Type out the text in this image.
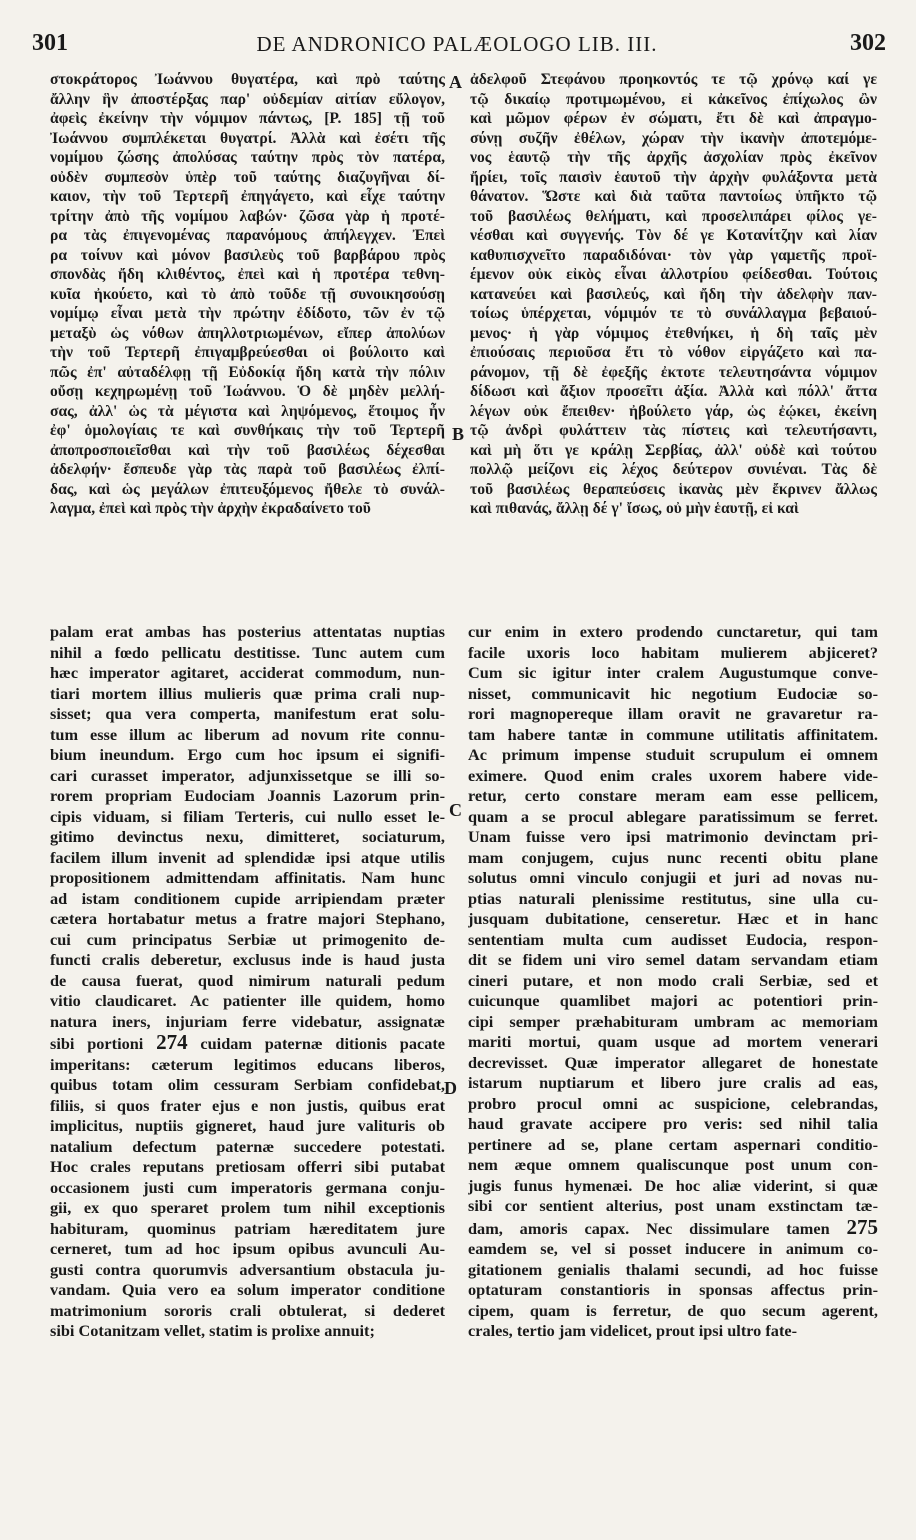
301	DE ANDRONICO PALÆOLOGO LIB. III.	302
στοκράτορος Ἰωάννου θυγατέρα, καὶ πρὸ ταύτης
ἄλλην ἣν ἀποστέρξας παρ' οὐδεμίαν αἰτίαν εὔλογον,
ἀφεὶς ἐκείνην τὴν νόμιμον πάντως, [P. 185] τῇ τοῦ
Ἰωάννου συμπλέκεται θυγατρί. Ἀλλὰ καὶ ἐσέτι τῆς
νομίμου ζώσης ἀπολύσας ταύτην πρὸς τὸν πατέρα,
οὐδὲν συμπεσὸν ὑπὲρ τοῦ ταύτης διαζυγῆναι δί-
καιον, τὴν τοῦ Τερτερῆ ἐπηγάγετο, καὶ εἶχε ταύτην
τρίτην ἀπὸ τῆς νομίμου λαβών· ζῶσα γὰρ ἡ προτέ-
ρα τὰς ἐπιγενομένας παρανόμους ἀπήλεγχεν. Ἐπεὶ
ρα τοίνυν καὶ μόνον βασιλεὺς τοῦ βαρβάρου πρὸς
σπονδὰς ἤδη κλιθέντος, ἐπεὶ καὶ ἡ προτέρα τεθνη-
κυῖα ἠκούετο, καὶ τὸ ἀπὸ τοῦδε τῇ συνοικησούσῃ
νομίμῳ εἶναι μετὰ τὴν πρώτην ἐδίδοτο, τῶν ἐν τῷ
μεταξὺ ὡς νόθων ἀπηλλοτριωμένων, εἴπερ ἀπολύων
τὴν τοῦ Τερτερῆ ἐπιγαμβρεύεσθαι οἱ βούλοιτο καὶ
πῶς ἐπ' αὐταδέλφῃ τῇ Εὐδοκίᾳ ἤδη κατὰ τὴν πόλιν
οὔσῃ κεχηρωμένῃ τοῦ Ἰωάννου. Ὁ δὲ μηδὲν μελλή-
σας, ἀλλ' ὡς τὰ μέγιστα καὶ ληψόμενος, ἕτοιμος ἦν
ἐφ' ὁμολογίαις τε καὶ συνθήκαις τὴν τοῦ Τερτερῆ
ἀποπροσποιεῖσθαι καὶ τὴν τοῦ βασιλέως δέχεσθαι
ἀδελφήν· ἔσπευδε γὰρ τὰς παρὰ τοῦ βασιλέως ἐλπί-
δας, καὶ ὡς μεγάλων ἐπιτευξόμενος ἤθελε τὸ συνάλ-
λαγμα, ἐπεὶ καὶ πρὸς τὴν ἀρχὴν ἐκραδαίνετο τοῦ
ἀδελφοῦ Στεφάνου προηκοντός τε τῷ χρόνῳ καί γε
τῷ δικαίῳ προτιμωμένου, εἰ κἀκεῖνος ἐπίχωλος ὢν
καὶ μῶμον φέρων ἐν σώματι, ἔτι δὲ καὶ ἀπραγμο-
σύνῃ συζῆν ἐθέλων, χώραν τὴν ἱκανὴν ἀποτεμόμε-
νος ἑαυτῷ τὴν τῆς ἀρχῆς ἀσχολίαν πρὸς ἐκεῖνον
ἤρίει, τοῖς παισὶν ἑαυτοῦ τὴν ἀρχὴν φυλάξοντα μετὰ
θάνατον. Ὥστε καὶ διὰ ταῦτα παντοίως ὑπῆκτο τῷ
τοῦ βασιλέως θελήματι, καὶ προσελιπάρει φίλος γε-
νέσθαι καὶ συγγενής. Τὸν δέ γε Κοτανίτζην καὶ λίαν
καθυπισχνεῖτο παραδιδόναι· τὸν γὰρ γαμετῆς προϊ-
έμενον οὐκ εἰκὸς εἶναι ἀλλοτρίου φείδεσθαι. Τούτοις
κατανεύει καὶ βασιλεύς, καὶ ἤδη τὴν ἀδελφὴν παν-
τοίως ὑπέρχεται, νόμιμόν τε τὸ συνάλλαγμα βεβαιού-
μενος· ἡ γὰρ νόμιμος ἐτεθνήκει, ἡ δὴ ταῖς μὲν
ἐπιούσαις περιοῦσα ἔτι τὸ νόθον εἰργάζετο καὶ πα-
ράνομον, τῇ δὲ ἐφεξῆς ἐκτοτε τελευτησάντα νόμιμον
δίδωσι καὶ ἄξιον προσεῖτι ἀξία. Ἀλλὰ καὶ πόλλ' ἄττα
λέγων οὐκ ἔπειθεν· ἠβούλετο γάρ, ὡς ἐῴκει, ἐκείνη
τῷ ἀνδρὶ φυλάττειν τὰς πίστεις καὶ τελευτήσαντι,
καὶ μὴ ὅτι γε κράλῃ Σερβίας, ἀλλ' οὐδὲ καὶ τούτου
πολλῷ μείζονι εἰς λέχος δεύτερον συνιέναι. Τὰς δὲ
τοῦ βασιλέως θεραπεύσεις ἱκανὰς μὲν ἔκρινεν ἄλλως
καὶ πιθανάς, ἄλλῃ δέ γ' ἴσως, οὐ μὴν ἑαυτῇ, εἰ καὶ
A
B
palam erat ambas has posterius attentatas nuptias
nihil a fœdo pellicatu destitisse. Tunc autem cum
hæc imperator agitaret, acciderat commodum, nun-
tiari mortem illius mulieris quæ prima crali nup-
sisset; qua vera comperta, manifestum erat solu-
tum esse illum ac liberum ad novum rite connu-
bium ineundum. Ergo cum hoc ipsum ei signifi-
cari curasset imperator, adjunxissetque se illi so-
rorem propriam Eudociam Joannis Lazorum prin-
cipis viduam, si filiam Terteris, cui nullo esset le-
gitimo devinctus nexu, dimitteret, sociaturum,
facilem illum invenit ad splendidæ ipsi atque utilis
propositionem admittendam affinitatis. Nam hunc
ad istam conditionem cupide arripiendam præter
cætera hortabatur metus a fratre majori Stephano,
cui cum principatus Serbiæ ut primogenito de-
functi cralis deberetur, exclusus inde is haud justa
de causa fuerat, quod nimirum naturali pedum
vitio claudicaret. Ac patienter ille quidem, homo
natura iners, injuriam ferre videbatur, assignatæ
sibi portioni 274 cuidam paternæ ditionis pacate
imperitans: cæterum legitimos educans liberos,
quibus totam olim cessuram Serbiam confidebat,
filiis, si quos frater ejus e non justis, quibus erat
implicitus, nuptiis gigneret, haud jure valituris ob
natalium defectum paternæ succedere potestati.
Hoc crales reputans pretiosam offerri sibi putabat
occasionem justi cum imperatoris germana conju-
gii, ex quo speraret prolem tum nihil exceptionis
habituram, quominus patriam hæreditatem jure
cerneret, tum ad hoc ipsum opibus avunculi Au-
gusti contra quorumvis adversantium obstacula ju-
vandam. Quia vero ea solum imperator conditione
matrimonium sororis crali obtulerat, si dederet
sibi Cotanitzam vellet, statim is prolixe annuit;
cur enim in extero prodendo cunctaretur, qui tam
facile uxoris loco habitam mulierem abjiceret?
Cum sic igitur inter cralem Augustumque conve-
nisset, communicavit hic negotium Eudociæ so-
rori magnopereque illam oravit ne gravaretur ra-
tam habere tantæ in commune utilitatis affinitatem.
Ac primum impense studuit scrupulum ei omnem
eximere. Quod enim crales uxorem habere vide-
retur, certo constare meram eam esse pellicem,
quam a se procul ablegare paratissimum se ferret.
Unam fuisse vero ipsi matrimonio devinctam pri-
mam conjugem, cujus nunc recenti obitu plane
solutus omni vinculo conjugii et juri ad novas nu-
ptias naturali plenissime restitutus, sine ulla cu-
jusquam dubitatione, censeretur. Hæc et in hanc
sententiam multa cum audisset Eudocia, respon-
dit se fidem uni viro semel datam servandam etiam
cineri putare, et non modo crali Serbiæ, sed et
cuicunque quamlibet majori ac potentiori prin-
cipi semper præhabituram umbram ac memoriam
mariti mortui, quam usque ad mortem venerari
decrevisset. Quæ imperator allegaret de honestate
istarum nuptiarum et libero jure cralis ad eas,
probro procul omni ac suspicione, celebrandas,
haud gravate accipere pro veris: sed nihil talia
pertinere ad se, plane certam aspernari conditio-
nem æque omnem qualiscunque post unum con-
jugis funus hymenæi. De hoc aliæ viderint, si quæ
sibi cor sentient alterius, post unam exstinctam tæ-
dam, amoris capax. Nec dissimulare tamen 275
eamdem se, vel si posset inducere in animum co-
gitationem genialis thalami secundi, ad hoc fuisse
optaturam constantioris in sponsas affectus prin-
cipem, quam is ferretur, de quo secum agerent,
crales, tertio jam videlicet, prout ipsi ultro fate-
C
D
